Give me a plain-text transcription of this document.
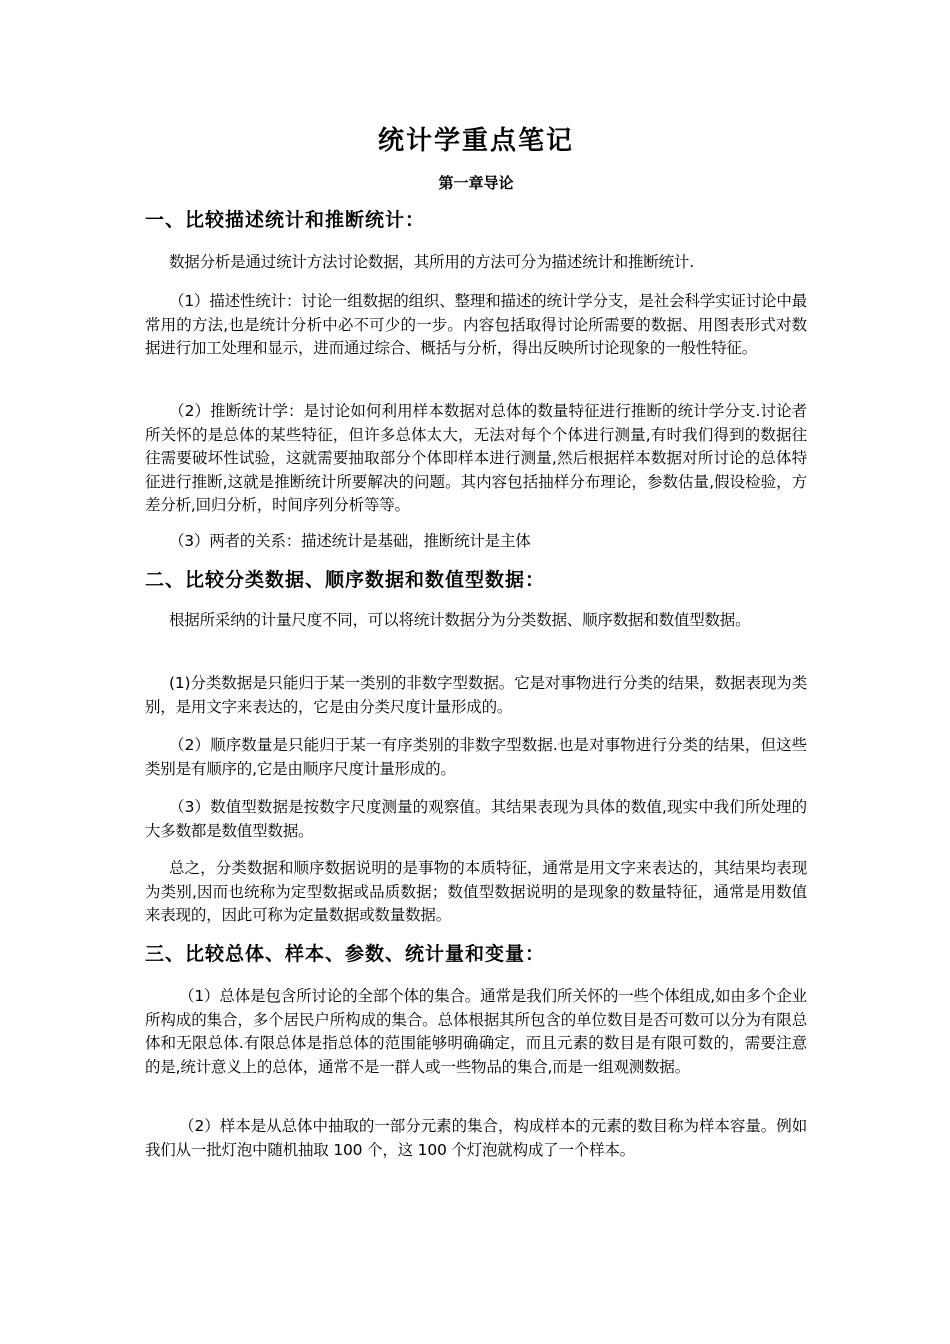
统计学重点笔记
第一章导论
一、比较描述统计和推断统计：

数据分析是通过统计方法讨论数据，其所用的方法可分为描述统计和推断统计.

（1）描述性统计：讨论一组数据的组织、整理和描述的统计学分支，是社会科学实证讨论中最常用的方法,也是统计分析中必不可少的一步。内容包括取得讨论所需要的数据、用图表形式对数据进行加工处理和显示，进而通过综合、概括与分析，得出反映所讨论现象的一般性特征。

（2）推断统计学：是讨论如何利用样本数据对总体的数量特征进行推断的统计学分支.讨论者所关怀的是总体的某些特征，但许多总体太大，无法对每个个体进行测量,有时我们得到的数据往往需要破坏性试验，这就需要抽取部分个体即样本进行测量,然后根据样本数据对所讨论的总体特征进行推断,这就是推断统计所要解决的问题。其内容包括抽样分布理论，参数估量,假设检验，方差分析,回归分析，时间序列分析等等。

（3）两者的关系：描述统计是基础，推断统计是主体

二、比较分类数据、顺序数据和数值型数据：

根据所采纳的计量尺度不同，可以将统计数据分为分类数据、顺序数据和数值型数据。

(1)分类数据是只能归于某一类别的非数字型数据。它是对事物进行分类的结果，数据表现为类别，是用文字来表达的，它是由分类尺度计量形成的。

（2）顺序数量是只能归于某一有序类别的非数字型数据.也是对事物进行分类的结果，但这些类别是有顺序的,它是由顺序尺度计量形成的。

（3）数值型数据是按数字尺度测量的观察值。其结果表现为具体的数值,现实中我们所处理的大多数都是数值型数据。

总之，分类数据和顺序数据说明的是事物的本质特征，通常是用文字来表达的，其结果均表现为类别,因而也统称为定型数据或品质数据；数值型数据说明的是现象的数量特征，通常是用数值来表现的，因此可称为定量数据或数量数据。

三、比较总体、样本、参数、统计量和变量：

（1）总体是包含所讨论的全部个体的集合。通常是我们所关怀的一些个体组成,如由多个企业所构成的集合，多个居民户所构成的集合。总体根据其所包含的单位数目是否可数可以分为有限总体和无限总体.有限总体是指总体的范围能够明确确定，而且元素的数目是有限可数的，需要注意的是,统计意义上的总体，通常不是一群人或一些物品的集合,而是一组观测数据。

（2）样本是从总体中抽取的一部分元素的集合，构成样本的元素的数目称为样本容量。例如我们从一批灯泡中随机抽取 100 个，这 100 个灯泡就构成了一个样本。
